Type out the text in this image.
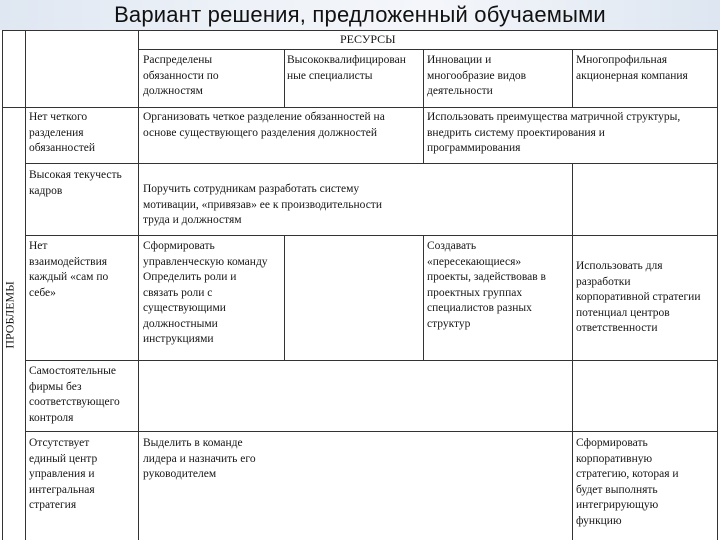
Вариант решения, предложенный обучаемыми
РЕСУРСЫ
ПРОБЛЕМЫ
Распределены
обязанности по
должностям
Высококвалифицирован
ные специалисты
Инновации и
многообразие видов
деятельности
Многопрофильная
акционерная компания
Нет четкого
разделения
обязанностей
Организовать четкое разделение обязанностей на
основе существующего разделения должностей
Использовать преимущества матричной структуры,
внедрить систему проектирования и
программирования
Высокая текучесть
кадров	Поручить сотрудникам разработать систему
мотивации, «привязав» ее к производительности
труда и должностям
Нет
взаимодействия
каждый «сам по
себе»
Сформировать
управленческую команду
Определить роли и
связать роли с
существующими
должностными
инструкциями
Создавать
«пересекающиеся»
проекты, задействовав в
проектных группах
специалистов разных
структур
Использовать для
разработки
корпоративной стратегии
потенциал центров
ответственности
Самостоятельные
фирмы без
соответствующего
контроля
Отсутствует
единый центр
управления и
интегральная
стратегия
Выделить в команде
лидера и назначить его
руководителем
Сформировать
корпоративную
стратегию, которая и
будет выполнять
интегрирующую
функцию
